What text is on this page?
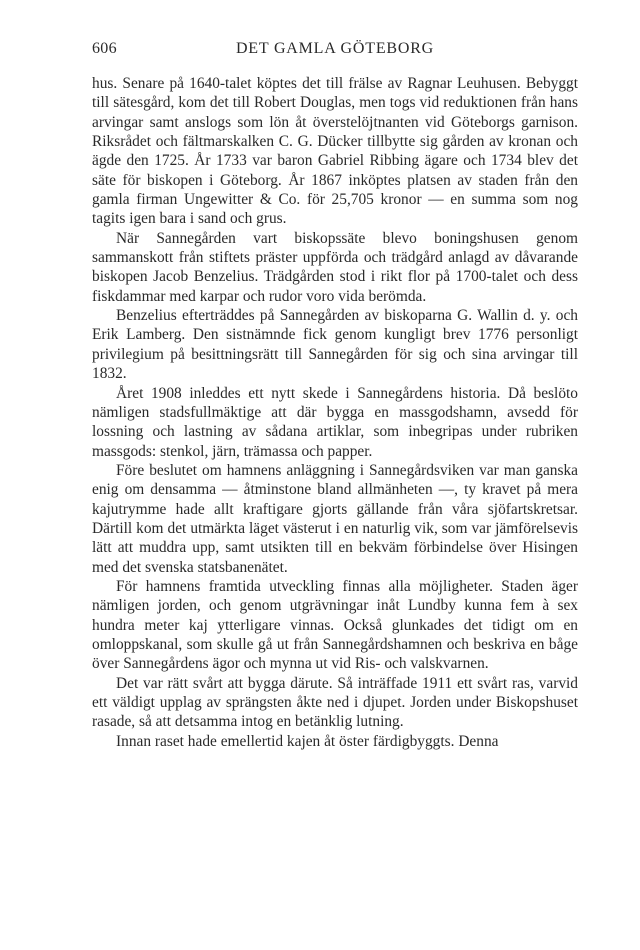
606	DET GAMLA GÖTEBORG

hus. Senare på 1640-talet köptes det till frälse av Ragnar Leuhusen. Bebyggt till sätesgård, kom det till Robert Douglas, men togs vid reduktionen från hans arvingar samt anslogs som lön åt överstelöjtnanten vid Göteborgs garnison. Riksrådet och fältmarskalken C. G. Dücker tillbytte sig gården av kronan och ägde den 1725. År 1733 var baron Gabriel Ribbing ägare och 1734 blev det säte för biskopen i Göteborg. År 1867 inköptes platsen av staden från den gamla firman Ungewitter & Co. för 25,705 kronor — en summa som nog tagits igen bara i sand och grus.

När Sannegården vart biskopssäte blevo boningshusen genom sammanskott från stiftets präster uppförda och trädgård anlagd av dåvarande biskopen Jacob Benzelius. Trädgården stod i rikt flor på 1700-talet och dess fiskdammar med karpar och rudor voro vida berömda.

Benzelius efterträddes på Sannegården av biskoparna G. Wallin d. y. och Erik Lamberg. Den sistnämnde fick genom kungligt brev 1776 personligt privilegium på besittningsrätt till Sannegården för sig och sina arvingar till 1832.

Året 1908 inleddes ett nytt skede i Sannegårdens historia. Då beslöto nämligen stadsfullmäktige att där bygga en massgodshamn, avsedd för lossning och lastning av sådana artiklar, som inbegripas under rubriken massgods: stenkol, järn, trämassa och papper.

Före beslutet om hamnens anläggning i Sannegårdsviken var man ganska enig om densamma — åtminstone bland allmänheten —, ty kravet på mera kajutrymme hade allt kraftigare gjorts gällande från våra sjöfartskretsar. Därtill kom det utmärkta läget västerut i en naturlig vik, som var jämförelsevis lätt att muddra upp, samt utsikten till en bekväm förbindelse över Hisingen med det svenska statsbanenätet.

För hamnens framtida utveckling finnas alla möjligheter. Staden äger nämligen jorden, och genom utgrävningar inåt Lundby kunna fem à sex hundra meter kaj ytterligare vinnas. Också glunkades det tidigt om en omloppskanal, som skulle gå ut från Sannegårdshamnen och beskriva en båge över Sannegårdens ägor och mynna ut vid Ris- och valskvarnen.

Det var rätt svårt att bygga därute. Så inträffade 1911 ett svårt ras, varvid ett väldigt upplag av sprängsten åkte ned i djupet. Jorden under Biskopshuset rasade, så att detsamma intog en betänklig lutning.

Innan raset hade emellertid kajen åt öster färdigbyggts. Denna
